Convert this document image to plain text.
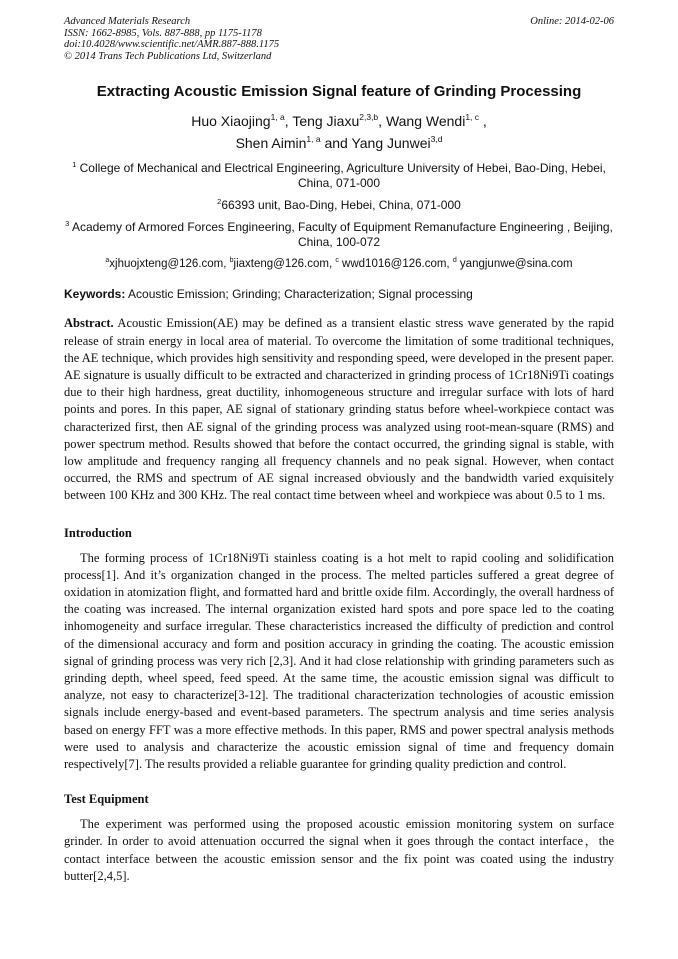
Advanced Materials Research
ISSN: 1662-8985, Vols. 887-888, pp 1175-1178
doi:10.4028/www.scientific.net/AMR.887-888.1175
© 2014 Trans Tech Publications Ltd, Switzerland
Online: 2014-02-06
Extracting Acoustic Emission Signal feature of Grinding Processing
Huo Xiaojing$^{1, a}$, Teng Jiaxu$^{2,3,b}$, Wang Wendi$^{1, c}$ ,
Shen Aimin$^{1, a}$ and Yang Junwei$^{3,d}$
$^1$ College of Mechanical and Electrical Engineering, Agriculture University of Hebei, Bao-Ding, Hebei, China, 071-000
$^2$66393 unit, Bao-Ding, Hebei, China, 071-000
$^3$ Academy of Armored Forces Engineering, Faculty of Equipment Remanufacture Engineering , Beijing, China, 100-072
$^a$xjhuojxteng@126.com, $^b$jiaxteng@126.com, $^c$ wwd1016@126.com, $^d$ yangjunwe@sina.com
Keywords: Acoustic Emission; Grinding; Characterization; Signal processing
Abstract. Acoustic Emission(AE) may be defined as a transient elastic stress wave generated by the rapid release of strain energy in local area of material. To overcome the limitation of some traditional techniques, the AE technique, which provides high sensitivity and responding speed, were developed in the present paper. AE signature is usually difficult to be extracted and characterized in grinding process of 1Cr18Ni9Ti coatings due to their high hardness, great ductility, inhomogeneous structure and irregular surface with lots of hard points and pores. In this paper, AE signal of stationary grinding status before wheel-workpiece contact was characterized first, then AE signal of the grinding process was analyzed using root-mean-square (RMS) and power spectrum method. Results showed that before the contact occurred, the grinding signal is stable, with low amplitude and frequency ranging all frequency channels and no peak signal. However, when contact occurred, the RMS and spectrum of AE signal increased obviously and the bandwidth varied exquisitely between 100 KHz and 300 KHz. The real contact time between wheel and workpiece was about 0.5 to 1 ms.
Introduction
The forming process of 1Cr18Ni9Ti stainless coating is a hot melt to rapid cooling and solidification process[1]. And it’s organization changed in the process. The melted particles suffered a great degree of oxidation in atomization flight, and formatted hard and brittle oxide film. Accordingly, the overall hardness of the coating was increased. The internal organization existed hard spots and pore space led to the coating inhomogeneity and surface irregular. These characteristics increased the difficulty of prediction and control of the dimensional accuracy and form and position accuracy in grinding the coating. The acoustic emission signal of grinding process was very rich [2,3]. And it had close relationship with grinding parameters such as grinding depth, wheel speed, feed speed. At the same time, the acoustic emission signal was difficult to analyze, not easy to characterize[3-12]. The traditional characterization technologies of acoustic emission signals include energy-based and event-based parameters. The spectrum analysis and time series analysis based on energy FFT was a more effective methods. In this paper, RMS and power spectral analysis methods were used to analysis and characterize the acoustic emission signal of time and frequency domain respectively[7]. The results provided a reliable guarantee for grinding quality prediction and control.
Test Equipment
The experiment was performed using the proposed acoustic emission monitoring system on surface grinder. In order to avoid attenuation occurred the signal when it goes through the contact interface，the contact interface between the acoustic emission sensor and the fix point was coated using the industry butter[2,4,5].
